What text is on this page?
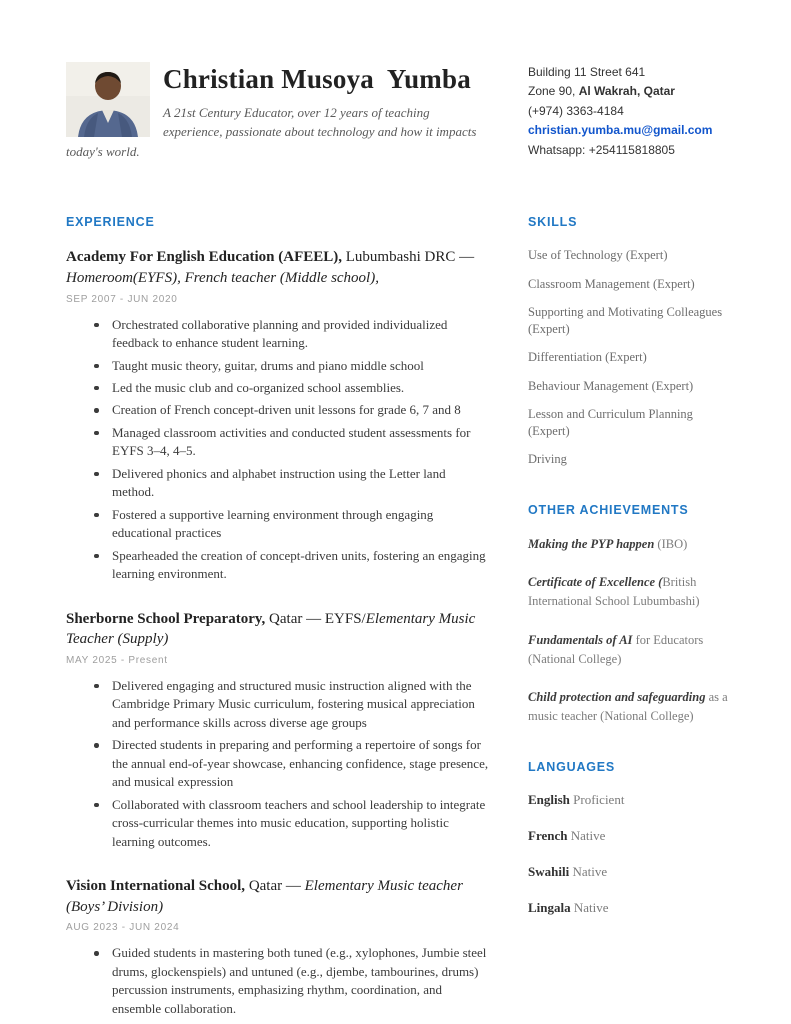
Christian Musoya  Yumba

A 21st Century Educator, over 12 years of teaching experience, passionate about technology and how it impacts today's world.

Building 11 Street 641
Zone 90, Al Wakrah, Qatar
(+974) 3363-4184
christian.yumba.mu@gmail.com
Whatsapp: +254115818805
EXPERIENCE
Academy For English Education (AFEEL), Lubumbashi DRC — Homeroom(EYFS), French teacher (Middle school),
SEP 2007 - JUN 2020
Orchestrated collaborative planning and provided individualized feedback to enhance student learning.
Taught music theory, guitar, drums and piano middle school
Led the music club and co-organized school assemblies.
Creation of French concept-driven unit lessons for grade 6, 7 and 8
Managed classroom activities and conducted student assessments for EYFS 3–4, 4–5.
Delivered phonics and alphabet instruction using the Letter land method.
Fostered a supportive learning environment through engaging educational practices
Spearheaded the creation of concept-driven units, fostering an engaging learning environment.
Sherborne School Preparatory, Qatar — EYFS/Elementary Music Teacher (Supply)
MAY 2025 - Present
Delivered engaging and structured music instruction aligned with the Cambridge Primary Music curriculum, fostering musical appreciation and performance skills across diverse age groups
Directed students in preparing and performing a repertoire of songs for the annual end-of-year showcase, enhancing confidence, stage presence, and musical expression
Collaborated with classroom teachers and school leadership to integrate cross-curricular themes into music education, supporting holistic learning outcomes.
Vision International School, Qatar — Elementary Music teacher (Boys’ Division)
AUG 2023 - JUN 2024
Guided students in mastering both tuned (e.g., xylophones, Jumbie steel drums, glockenspiels) and untuned (e.g., djembe, tambourines, drums) percussion instruments, emphasizing rhythm, coordination, and ensemble collaboration.
SKILLS
Use of Technology (Expert)
Classroom Management (Expert)
Supporting and Motivating Colleagues (Expert)
Differentiation (Expert)
Behaviour Management (Expert)
Lesson and Curriculum Planning (Expert)
Driving
OTHER ACHIEVEMENTS
Making the PYP happen (IBO)
Certificate of Excellence (British International School Lubumbashi)
Fundamentals of AI for Educators (National College)
Child protection and safeguarding as a music teacher (National College)
LANGUAGES
English Proficient
French Native
Swahili Native
Lingala Native
